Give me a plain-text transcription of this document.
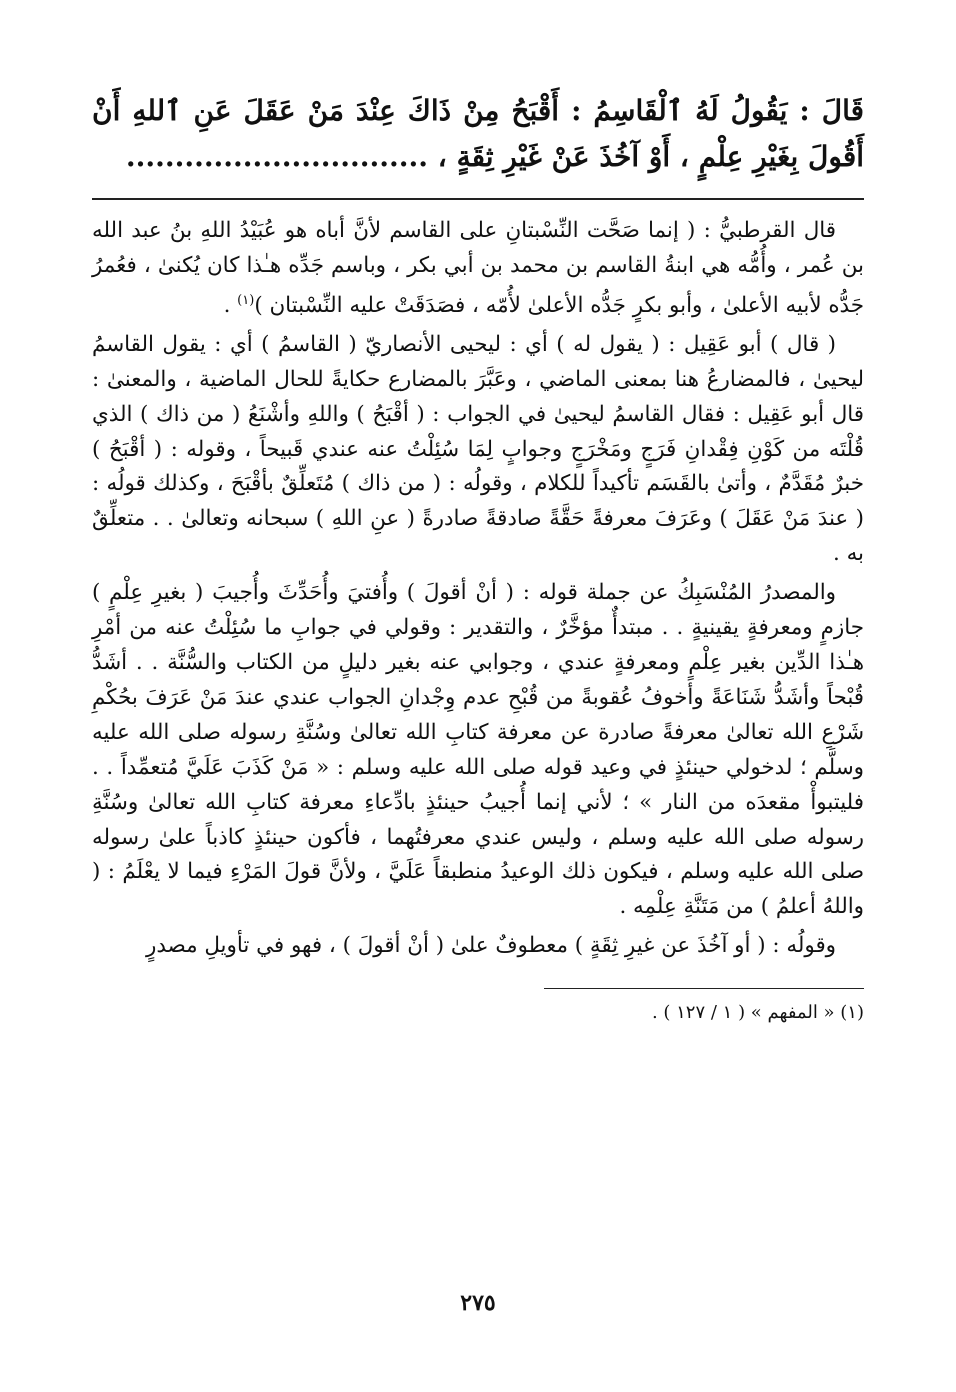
قَالَ : يَقُولُ لَهُ ٱلْقَاسِمُ : أَقْبَحُ مِنْ ذَاكَ عِنْدَ مَنْ عَقَلَ عَنِ ٱللهِ أَنْ أَقُولَ بِغَيْرِ عِلْمٍ ، أَوْ آخُذَ عَنْ غَيْرِ ثِقَةٍ ، ...............................

قال القرطبيُّ : ( إنما صَحَّت النِّسْبتانِ على القاسم لأنَّ أباه هو عُبَيْدُ اللهِ بنُ عبد الله بن عُمر ، وأُمُّه هي ابنةُ القاسم بن محمد بن أبي بكر ، وباسم جَدِّه هـٰذا كان يُكنىٰ ، فعُمرُ جَدُّه لأبيه الأعلىٰ ، وأبو بكرٍ جَدُّه الأعلىٰ لأُمّه ، فصَدَقَتْ عليه النِّسْبتان )$^{(١)}$ .

( قال ) أبو عَقِيل : ( يقول له ) أي : ليحيى الأنصاريّ ( القاسمُ ) أي : يقول القاسمُ ليحيىٰ ، فالمضارعُ هنا بمعنى الماضي ، وعَبَّرَ بالمضارع حكايةً للحال الماضية ، والمعنىٰ : قال أبو عَقِيل : فقال القاسمُ ليحيىٰ في الجواب : ( أقْبَحُ ) واللهِ وأشْنَعُ ( من ذاك ) الذي قُلْتَه من كَوْنِ فِقْدانِ فَرَجٍ ومَخْرَجٍ وجوابٍ لِمَا سُئِلْتُ عنه عندي قَبيحاً ، وقوله : ( أقْبَحُ ) خبرٌ مُقَدَّمٌ ، وأتىٰ بالقَسَم تأكيداً للكلام ، وقولُه : ( من ذاك ) مُتَعلِّقٌ بأقْبَحَ ، وكذلك قولُه : ( عندَ مَنْ عَقَلَ ) وعَرَفَ معرفةً حَقَّةً صادقةً صادرةً ( عنِ اللهِ ) سبحانه وتعالىٰ . . متعلِّقٌ به .

والمصدرُ المُنْسَبِكُ عن جملة قوله : ( أنْ أقولَ ) وأُفتيَ وأُحَدِّثَ وأُجيبَ ( بغيرِ عِلْمٍ ) جازمٍ ومعرفةٍ يقينيةٍ . . مبتدأٌ مؤخَّرٌ ، والتقدير : وقولي في جوابِ ما سُئِلْتُ عنه من أمْرِ هـٰذا الدِّين بغير عِلْمٍ ومعرفةٍ عندي ، وجوابي عنه بغير دليلٍ من الكتاب والسُّنَّة . . أشَدُّ قُبْحاً وأشَدُّ شَنَاعَةً وأخوفُ عُقوبةً من قُبْحِ عدم وِجْدانِ الجواب عندي عندَ مَنْ عَرَفَ بحُكْمِ شَرْعِ الله تعالىٰ معرفةً صادرة عن معرفة كتابِ الله تعالىٰ وسُنَّةِ رسوله صلى الله عليه وسلَّم ؛ لدخولي حينئذٍ في وعيد قوله صلى الله عليه وسلم : « مَنْ كَذَبَ عَلَيَّ مُتعمِّداً . . فليتبوأْ مقعدَه من النار » ؛ لأني إنما أُجيبُ حينئذٍ بادِّعاءِ معرفة كتابِ الله تعالىٰ وسُنَّةِ رسوله صلى الله عليه وسلم ، وليس عندي معرفتُهما ، فأكون حينئذٍ كاذباً علىٰ رسوله صلى الله عليه وسلم ، فيكون ذلك الوعيدُ منطبقاً عَلَيَّ ، ولأنَّ قولَ المَرْءِ فيما لا يعْلَمُ : ( واللهُ أعلمُ ) من مَتَنَّةِ عِلْمِه .

وقولُه : ( أو آخُذَ عن غيرِ ثِقَةٍ ) معطوفٌ علىٰ ( أنْ أقولَ ) ، فهو في تأويلِ مصدرٍ

(١) « المفهم » ( ١ / ١٢٧ ) .

٢٧٥
